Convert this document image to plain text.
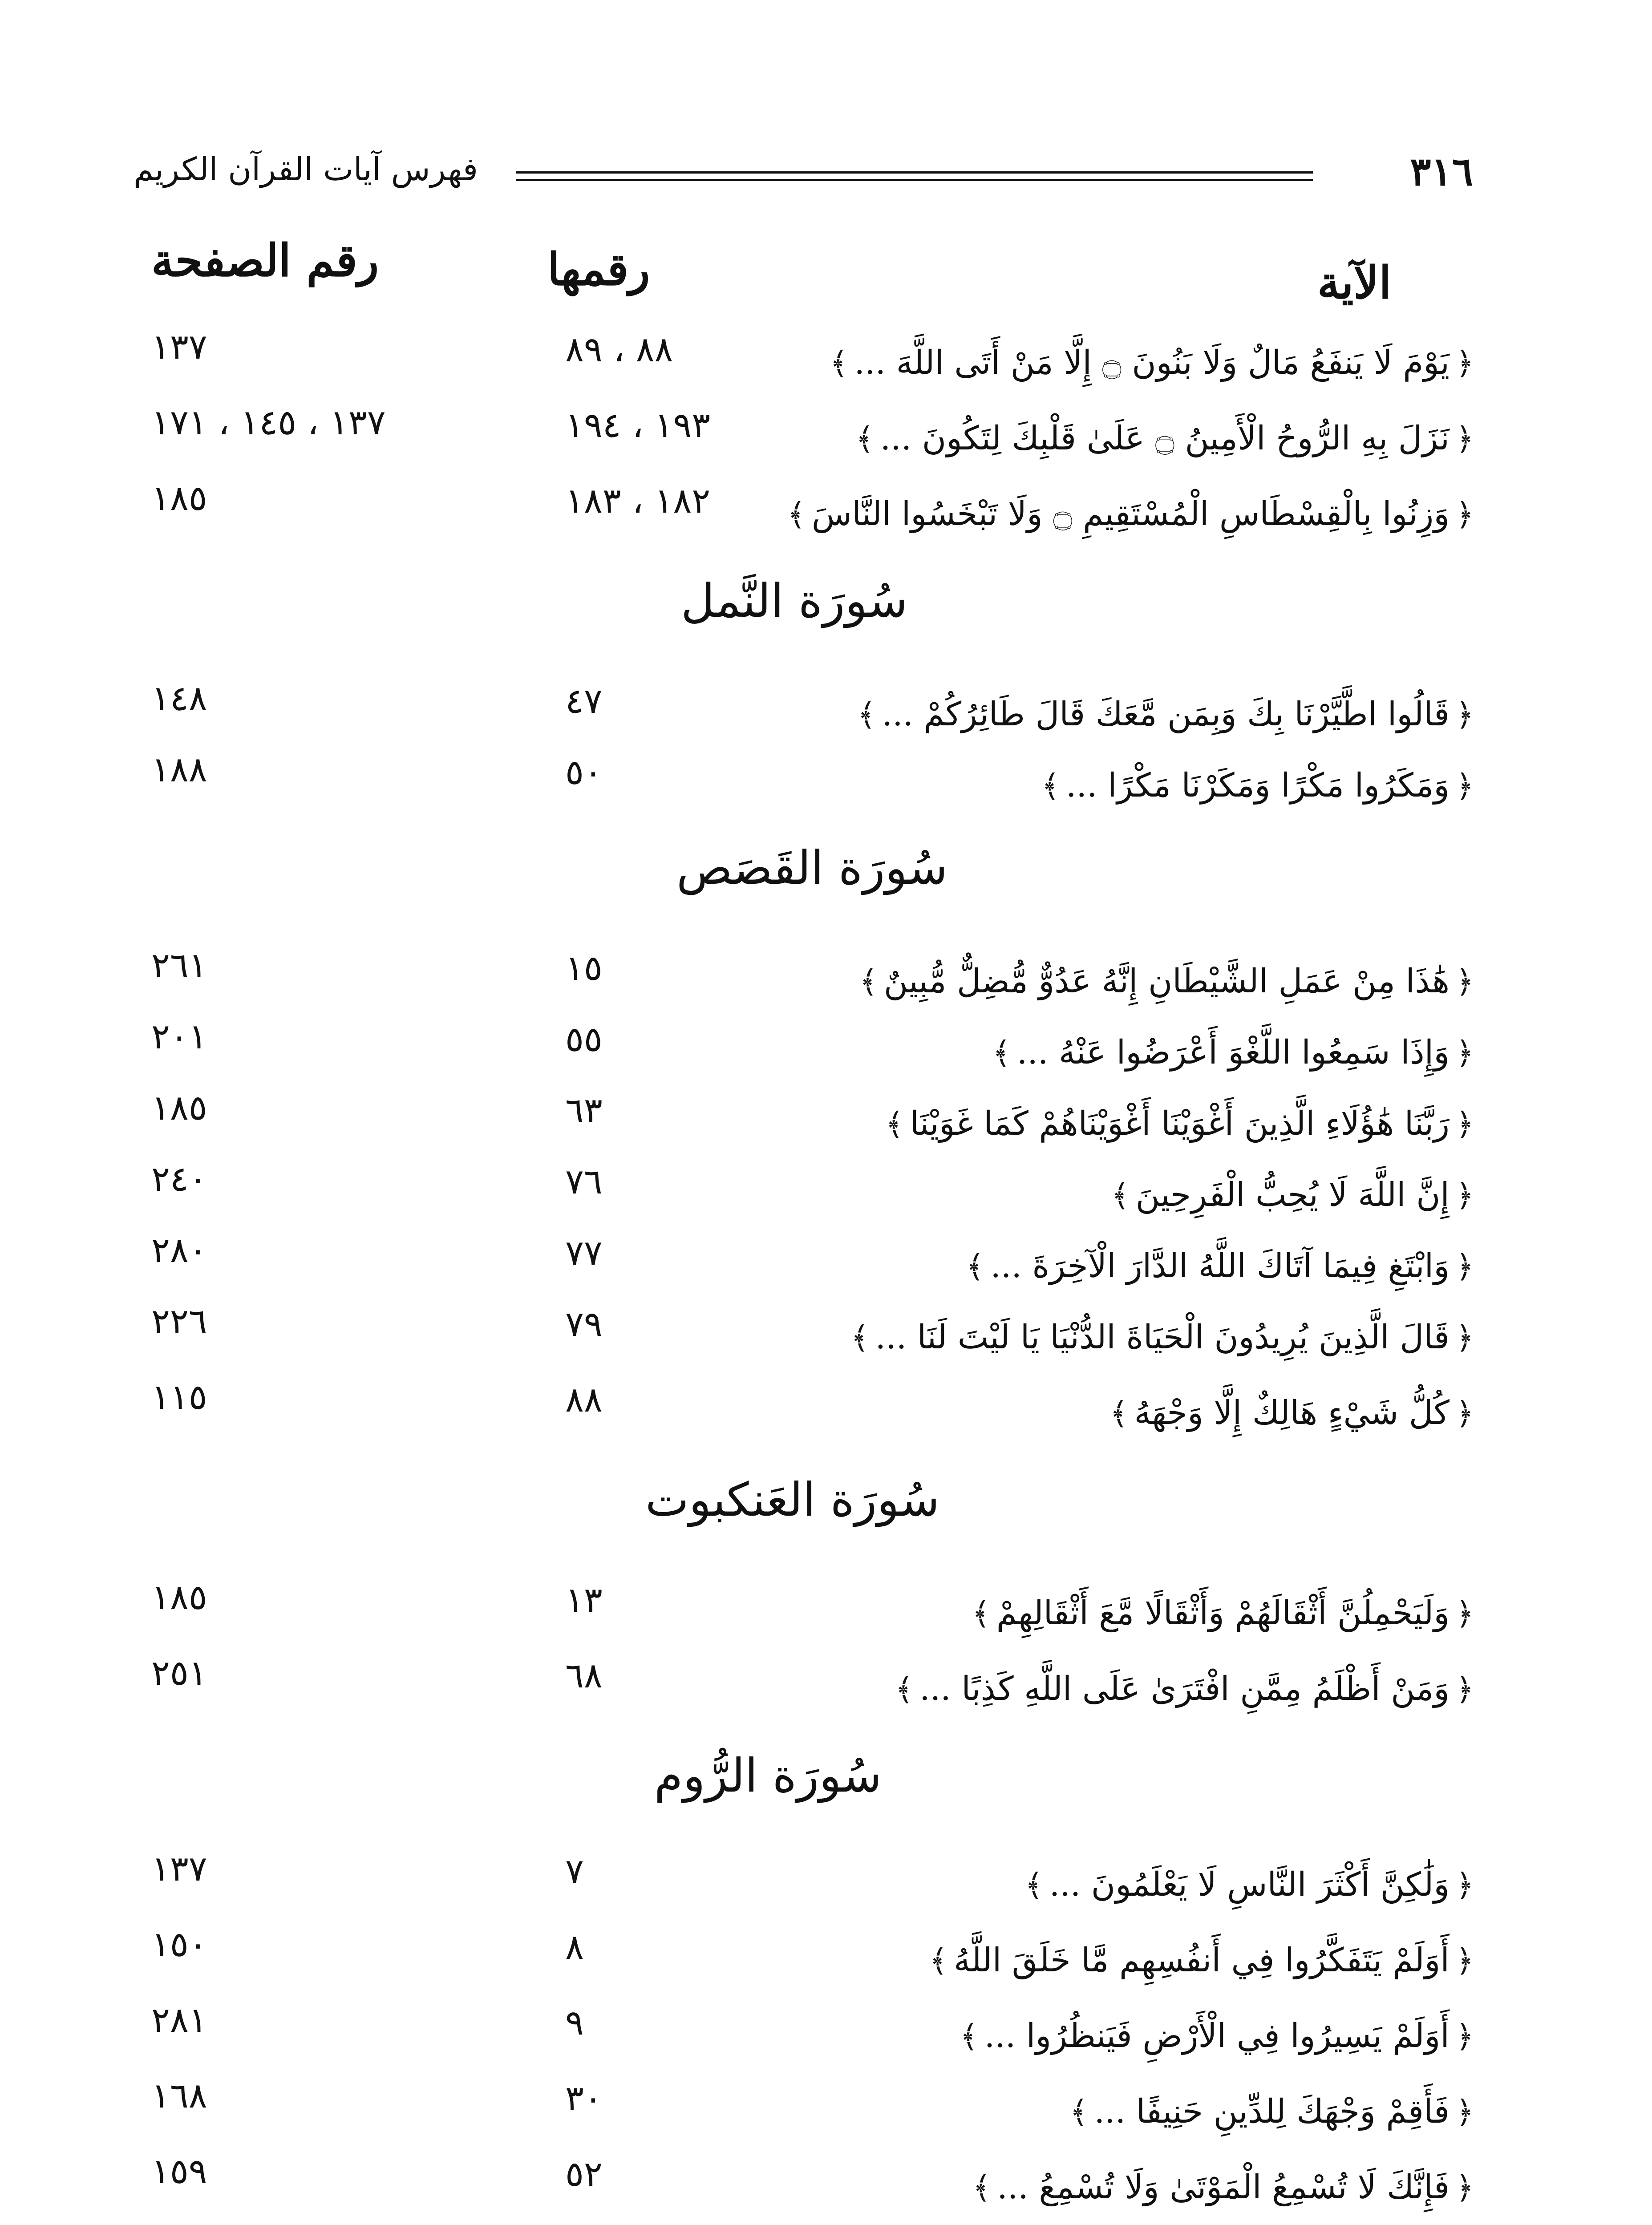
فهرس آيات القرآن الكريم	٣١٦
رقم الصفحة	رقمها	الآية
١٣٧	٨٨ ، ٨٩	﴿يَوْمَ لَا يَنفَعُ مَالٌ وَلَا بَنُونَ ۝ إِلَّا مَنْ أَتَى اللَّهَ ...﴾
١٣٧ ، ١٤٥ ، ١٧١	١٩٣ ، ١٩٤	﴿نَزَلَ بِهِ الرُّوحُ الْأَمِينُ ۝ عَلَىٰ قَلْبِكَ لِتَكُونَ ...﴾
١٨٥	١٨٢ ، ١٨٣	﴿وَزِنُوا بِالْقِسْطَاسِ الْمُسْتَقِيمِ ۝ وَلَا تَبْخَسُوا النَّاسَ﴾
سُورَة النَّمل
١٤٨	٤٧	﴿قَالُوا اطَّيَّرْنَا بِكَ وَبِمَن مَّعَكَ قَالَ طَائِرُكُمْ ...﴾
١٨٨	٥٠	﴿وَمَكَرُوا مَكْرًا وَمَكَرْنَا مَكْرًا ...﴾
سُورَة القَصَص
٢٦١	١٥	﴿هَٰذَا مِنْ عَمَلِ الشَّيْطَانِ إِنَّهُ عَدُوٌّ مُّضِلٌّ مُّبِينٌ﴾
٢٠١	٥٥	﴿وَإِذَا سَمِعُوا اللَّغْوَ أَعْرَضُوا عَنْهُ ...﴾
١٨٥	٦٣	﴿رَبَّنَا هَٰؤُلَاءِ الَّذِينَ أَغْوَيْنَا أَغْوَيْنَاهُمْ كَمَا غَوَيْنَا﴾
٢٤٠	٧٦	﴿إِنَّ اللَّهَ لَا يُحِبُّ الْفَرِحِينَ﴾
٢٨٠	٧٧	﴿وَابْتَغِ فِيمَا آتَاكَ اللَّهُ الدَّارَ الْآخِرَةَ ...﴾
٢٢٦	٧٩	﴿قَالَ الَّذِينَ يُرِيدُونَ الْحَيَاةَ الدُّنْيَا يَا لَيْتَ لَنَا ...﴾
١١٥	٨٨	﴿كُلُّ شَيْءٍ هَالِكٌ إِلَّا وَجْهَهُ﴾
سُورَة العَنكبوت
١٨٥	١٣	﴿وَلَيَحْمِلُنَّ أَثْقَالَهُمْ وَأَثْقَالًا مَّعَ أَثْقَالِهِمْ﴾
٢٥١	٦٨	﴿وَمَنْ أَظْلَمُ مِمَّنِ افْتَرَىٰ عَلَى اللَّهِ كَذِبًا ...﴾
سُورَة الرُّوم
١٣٧	٧	﴿وَلَٰكِنَّ أَكْثَرَ النَّاسِ لَا يَعْلَمُونَ ...﴾
١٥٠	٨	﴿أَوَلَمْ يَتَفَكَّرُوا فِي أَنفُسِهِم مَّا خَلَقَ اللَّهُ﴾
٢٨١	٩	﴿أَوَلَمْ يَسِيرُوا فِي الْأَرْضِ فَيَنظُرُوا ...﴾
١٦٨	٣٠	﴿فَأَقِمْ وَجْهَكَ لِلدِّينِ حَنِيفًا ...﴾
١٥٩	٥٢	﴿فَإِنَّكَ لَا تُسْمِعُ الْمَوْتَىٰ وَلَا تُسْمِعُ ...﴾
